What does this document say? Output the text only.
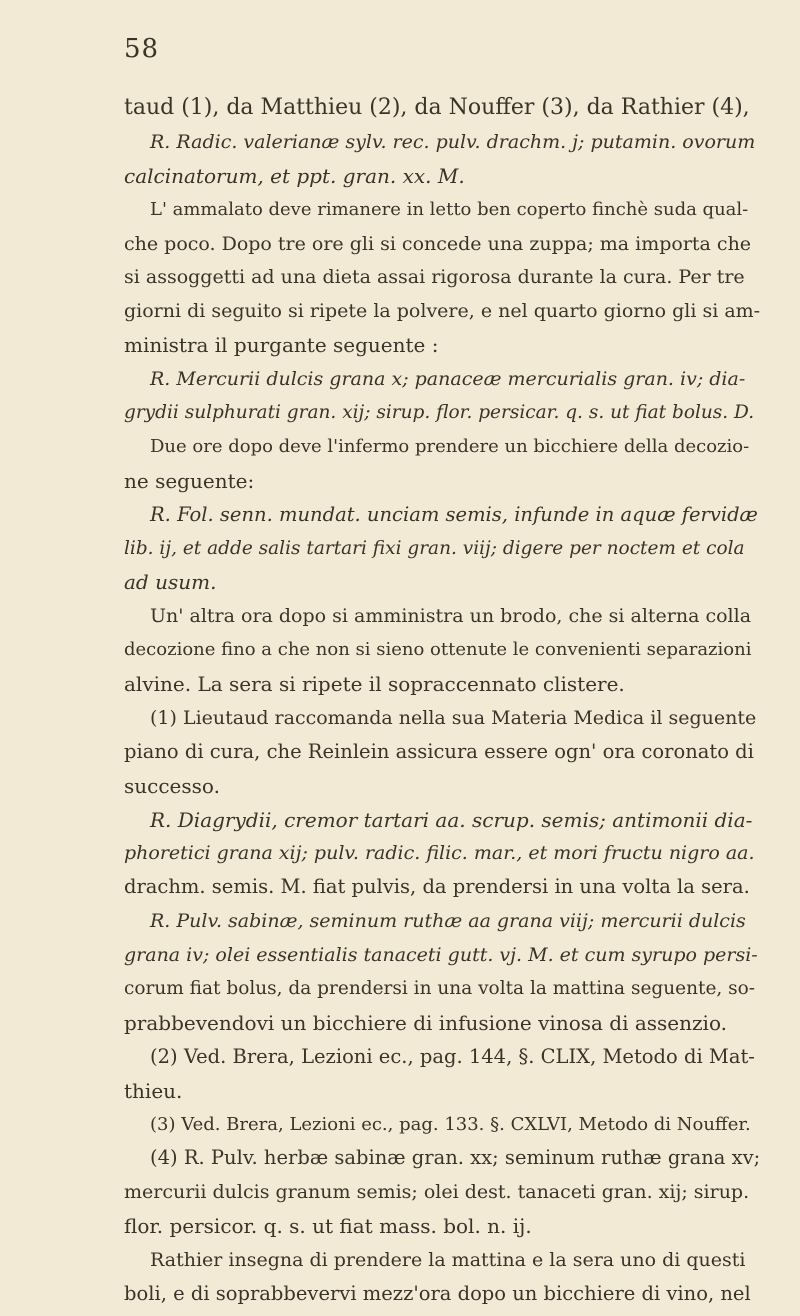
58
taud (1), da Matthieu (2), da Nouffer (3), da Rathier (4),
R. Radic. valerianæ sylv. rec. pulv. drachm. j; putamin. ovorum
calcinatorum, et ppt. gran. xx. M.
L' ammalato deve rimanere in letto ben coperto finchè suda qual-
che poco. Dopo tre ore gli si concede una zuppa; ma importa che
si assoggetti ad una dieta assai rigorosa durante la cura. Per tre
giorni di seguito si ripete la polvere, e nel quarto giorno gli si am-
ministra il purgante seguente :
R. Mercurii dulcis grana x; panaceæ mercurialis gran. iv; dia-
grydii sulphurati gran. xij; sirup. flor. persicar. q. s. ut fiat bolus. D.
Due ore dopo deve l'infermo prendere un bicchiere della decozio-
ne seguente:
R. Fol. senn. mundat. unciam semis, infunde in aquæ fervidæ
lib. ij, et adde salis tartari fixi gran. viij; digere per noctem et cola
ad usum.
Un' altra ora dopo si amministra un brodo, che si alterna colla
decozione fino a che non si sieno ottenute le convenienti separazioni
alvine. La sera si ripete il sopraccennato clistere.
(1) Lieutaud raccomanda nella sua Materia Medica il seguente
piano di cura, che Reinlein assicura essere ogn' ora coronato di
successo.
R. Diagrydii, cremor tartari aa. scrup. semis; antimonii dia-
phoretici grana xij; pulv. radic. filic. mar., et mori fructu nigro aa.
drachm. semis. M. fiat pulvis, da prendersi in una volta la sera.
R. Pulv. sabinæ, seminum ruthæ aa grana viij; mercurii dulcis
grana iv; olei essentialis tanaceti gutt. vj. M. et cum syrupo persi-
corum fiat bolus, da prendersi in una volta la mattina seguente, so-
prabbevendovi un bicchiere di infusione vinosa di assenzio.
(2) Ved. Brera, Lezioni ec., pag. 144, §. CLIX, Metodo di Mat-
thieu.
(3) Ved. Brera, Lezioni ec., pag. 133. §. CXLVI, Metodo di Nouffer.
(4) R. Pulv. herbæ sabinæ gran. xx; seminum ruthæ grana xv;
mercurii dulcis granum semis; olei dest. tanaceti gran. xij; sirup.
flor. persicor. q. s. ut fiat mass. bol. n. ij.
Rathier insegna di prendere la mattina e la sera uno di questi
boli, e di soprabbevervi mezz'ora dopo un bicchiere di vino, nel
